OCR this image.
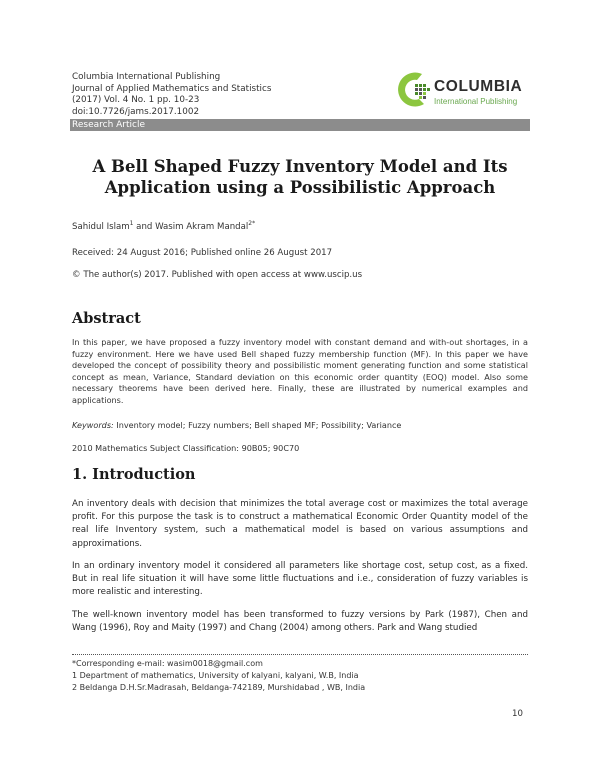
Columbia International Publishing
Journal of Applied Mathematics and Statistics
(2017) Vol. 4 No. 1 pp. 10-23
doi:10.7726/jams.2017.1002
Research Article
COLUMBIA
International Publishing
A Bell Shaped Fuzzy Inventory Model and Its Application using a Possibilistic Approach
Sahidul Islam$^1$ and Wasim Akram Mandal$^{2*}$
Received: 24 August 2016; Published online 26 August 2017
© The author(s) 2017. Published with open access at www.uscip.us
Abstract
In this paper, we have proposed a fuzzy inventory model with constant demand and with-out shortages, in a fuzzy environment. Here we have used Bell shaped fuzzy membership function (MF). In this paper we have developed the concept of possibility theory and possibilistic moment generating function and some statistical concept as mean, Variance, Standard deviation on this economic order quantity (EOQ) model. Also some necessary theorems have been derived here. Finally, these are illustrated by numerical examples and applications.
Keywords: Inventory model; Fuzzy numbers; Bell shaped MF; Possibility; Variance
2010 Mathematics Subject Classification: 90B05; 90C70
1. Introduction
An inventory deals with decision that minimizes the total average cost or maximizes the total average profit. For this purpose the task is to construct a mathematical Economic Order Quantity model of the real life Inventory system, such a mathematical model is based on various assumptions and approximations.
In an ordinary inventory model it considered all parameters like shortage cost, setup cost, as a fixed. But in real life situation it will have some little fluctuations and i.e., consideration of fuzzy variables is more realistic and interesting.
The well-known inventory model has been transformed to fuzzy versions by Park (1987), Chen and Wang (1996), Roy and Maity (1997) and Chang (2004) among others. Park and Wang studied
*Corresponding e-mail: wasim0018@gmail.com
1 Department of mathematics, University of kalyani, kalyani, W.B, India
2 Beldanga D.H.Sr.Madrasah, Beldanga-742189, Murshidabad , WB, India
10
